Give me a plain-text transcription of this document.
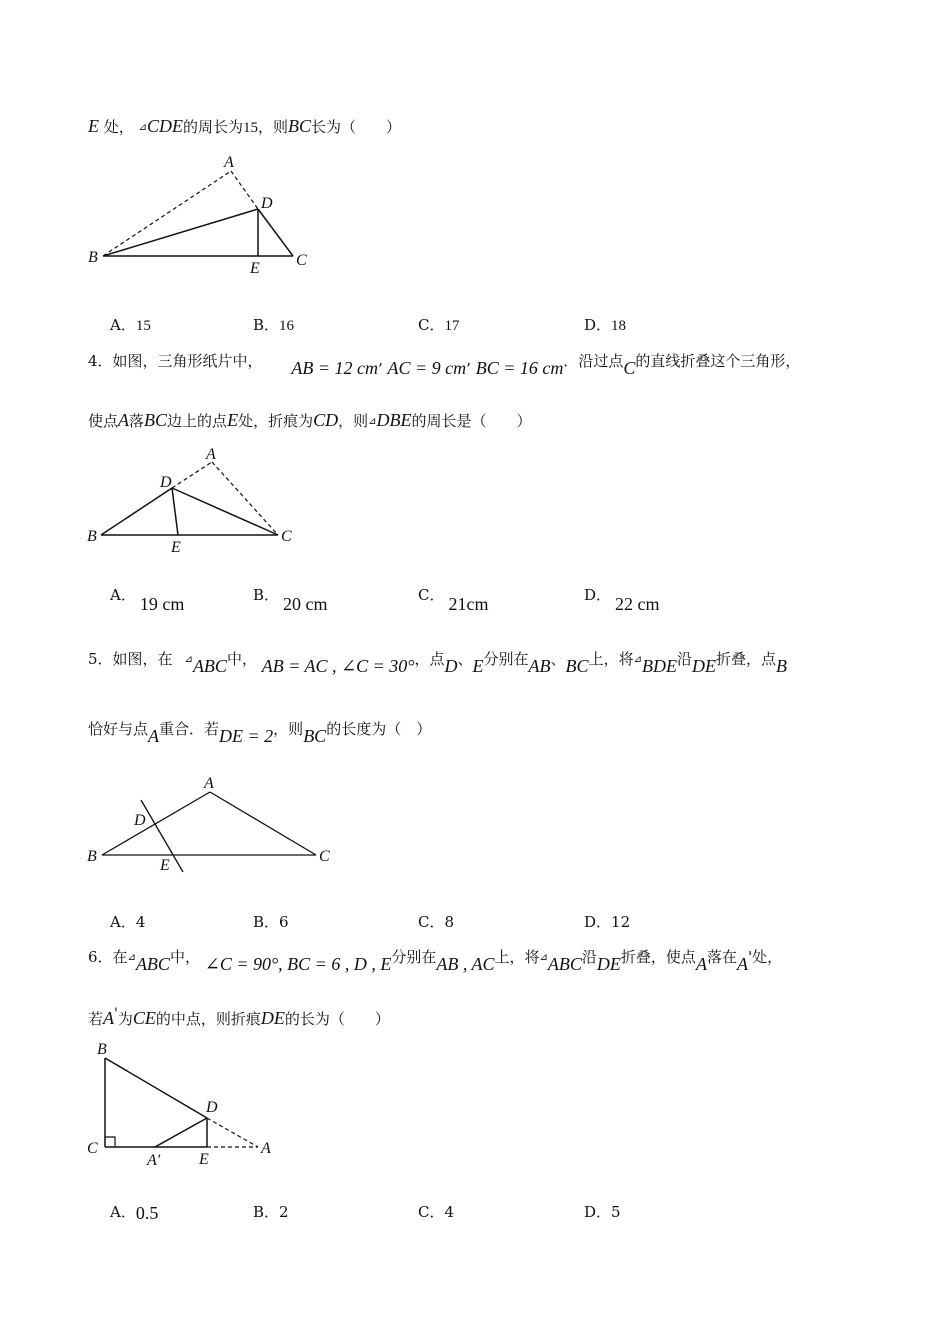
E 处， ⊿CDE的周长为15，则BC长为（　　）
A
D
B
E C
A．15	B．16	C．17	D．18
4．如图，三角形纸片中， AB = 12 cm’ AC = 9 cm’ BC = 16 cm．沿过点C的直线折叠这个三角形，
使点A落BC边上的点E处，折痕为CD，则⊿DBE的周长是（　　）
A
D
B
E
C
A． 19 cm	B． 20 cm	C． 21cm	D． 22 cm
5．如图，在 ⊿ABC中， AB = AC , ∠C = 30°，点D、E分别在AB、BC上，将⊿BDE沿DE折叠，点B
恰好与点A重合．若DE = 2，则BC的长度为（　）
A
D
B
E
C
A．4	B．6	C．8	D．12
6．在⊿ABC中， ∠C = 90°, BC = 6 , D , E分别在AB , AC上，将⊿ABC沿DE折叠，使点A落在A'处，
若A'为CE的中点，则折痕DE的长为（　　）
B
D
C
A′ E
A
A．0.5	B．2	C．4	D．5
